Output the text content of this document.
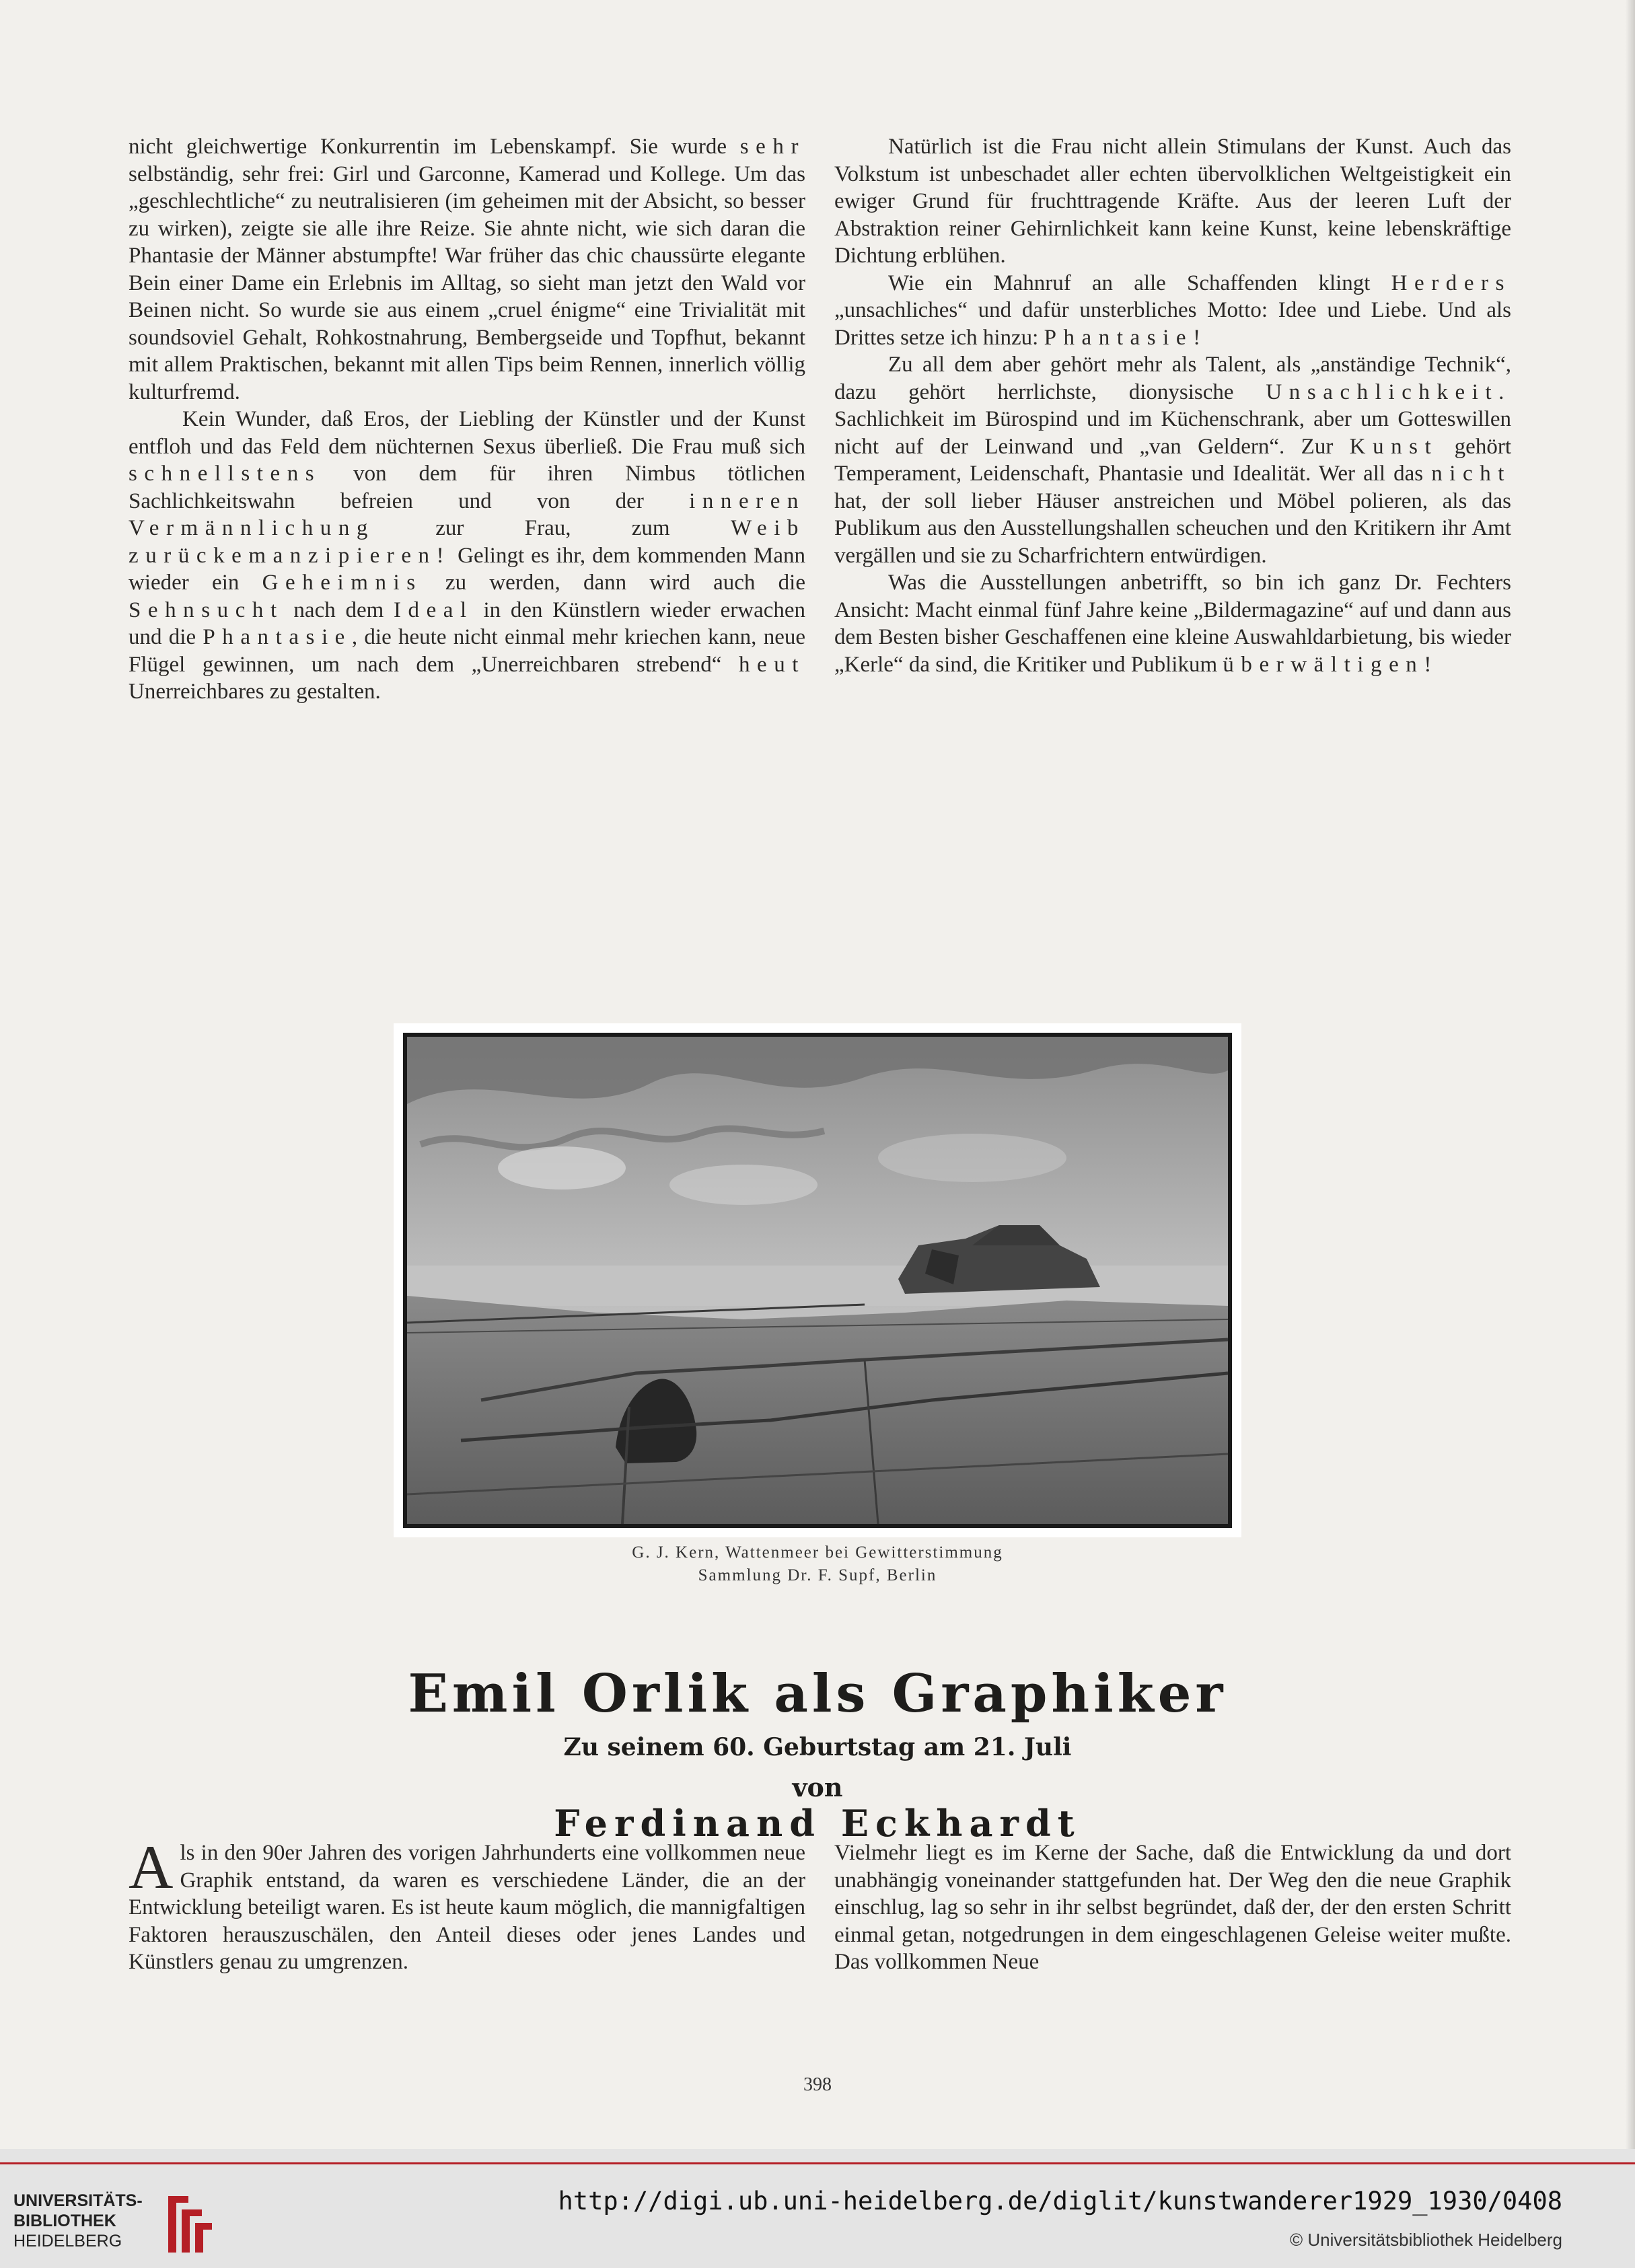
nicht gleichwertige Konkurrentin im Lebenskampf. Sie wurde sehr selbständig, sehr frei: Girl und Garconne, Kamerad und Kollege. Um das „geschlechtliche“ zu neutralisieren (im geheimen mit der Absicht, so besser zu wirken), zeigte sie alle ihre Reize. Sie ahnte nicht, wie sich daran die Phantasie der Männer abstumpfte! War früher das chic chaussürte elegante Bein einer Dame ein Erlebnis im Alltag, so sieht man jetzt den Wald vor Beinen nicht. So wurde sie aus einem „cruel énigme“ eine Trivialität mit soundsoviel Gehalt, Rohkostnahrung, Bembergseide und Topfhut, bekannt mit allem Praktischen, bekannt mit allen Tips beim Rennen, innerlich völlig kulturfremd.

Kein Wunder, daß Eros, der Liebling der Künstler und der Kunst entfloh und das Feld dem nüchternen Sexus überließ. Die Frau muß sich schnellstens von dem für ihren Nimbus tötlichen Sachlichkeitswahn befreien und von der inneren Vermännlichung zur Frau, zum Weib zurückemanzipieren! Gelingt es ihr, dem kommenden Mann wieder ein Geheimnis zu werden, dann wird auch die Sehnsucht nach dem Ideal in den Künstlern wieder erwachen und die Phantasie, die heute nicht einmal mehr kriechen kann, neue Flügel gewinnen, um nach dem „Unerreichbaren strebend“ heut Unerreichbares zu gestalten.

Natürlich ist die Frau nicht allein Stimulans der Kunst. Auch das Volkstum ist unbeschadet aller echten übervolklichen Weltgeistigkeit ein ewiger Grund für fruchttragende Kräfte. Aus der leeren Luft der Abstraktion reiner Gehirnlichkeit kann keine Kunst, keine lebenskräftige Dichtung erblühen.

Wie ein Mahnruf an alle Schaffenden klingt Herders „unsachliches“ und dafür unsterbliches Motto: Idee und Liebe. Und als Drittes setze ich hinzu: Phantasie!

Zu all dem aber gehört mehr als Talent, als „anständige Technik“, dazu gehört herrlichste, dionysische Unsachlichkeit. Sachlichkeit im Bürospind und im Küchenschrank, aber um Gotteswillen nicht auf der Leinwand und „van Geldern“. Zur Kunst gehört Temperament, Leidenschaft, Phantasie und Idealität. Wer all das nicht hat, der soll lieber Häuser anstreichen und Möbel polieren, als das Publikum aus den Ausstellungshallen scheuchen und den Kritikern ihr Amt vergällen und sie zu Scharfrichtern entwürdigen.

Was die Ausstellungen anbetrifft, so bin ich ganz Dr. Fechters Ansicht: Macht einmal fünf Jahre keine „Bildermagazine“ auf und dann aus dem Besten bisher Geschaffenen eine kleine Auswahldarbietung, bis wieder „Kerle“ da sind, die Kritiker und Publikum überwältigen!

G. J. Kern, Wattenmeer bei Gewitterstimmung
Sammlung Dr. F. Supf, Berlin
Emil Orlik als Graphiker
Zu seinem 60. Geburtstag am 21. Juli
von
Ferdinand Eckhardt

Als in den 90er Jahren des vorigen Jahrhunderts eine vollkommen neue Graphik entstand, da waren es verschiedene Länder, die an der Entwicklung beteiligt waren. Es ist heute kaum möglich, die mannigfaltigen Faktoren herauszuschälen, den Anteil dieses oder jenes Landes und Künstlers genau zu umgrenzen.

Vielmehr liegt es im Kerne der Sache, daß die Entwicklung da und dort unabhängig voneinander stattgefunden hat. Der Weg den die neue Graphik einschlug, lag so sehr in ihr selbst begründet, daß der, der den ersten Schritt einmal getan, notgedrungen in dem eingeschlagenen Geleise weiter mußte. Das vollkommen Neue

398
UNIVERSITÄTS-
BIBLIOTHEK
HEIDELBERG
http://digi.ub.uni-heidelberg.de/diglit/kunstwanderer1929_1930/0408
© Universitätsbibliothek Heidelberg
